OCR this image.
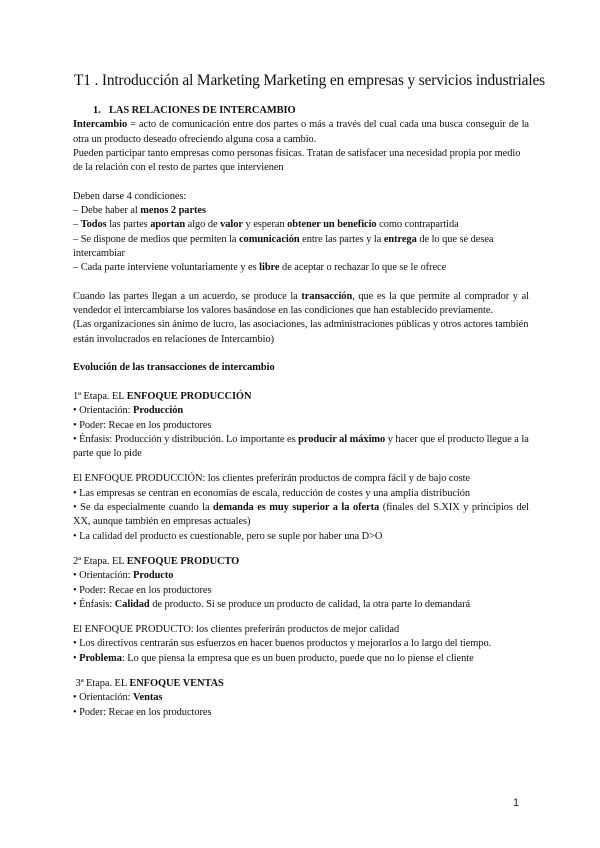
T1 . Introducción al Marketing Marketing en empresas y servicios industriales

1. LAS RELACIONES DE INTERCAMBIO

Intercambio = acto de comunicación entre dos partes o más a través del cual cada una busca conseguir de la otra un producto deseado ofreciendo alguna cosa a cambio.

Pueden participar tanto empresas como personas físicas. Tratan de satisfacer una necesidad propia por medio de la relación con el resto de partes que intervienen

Deben darse 4 condiciones:

– Debe haber al menos 2 partes

– Todos las partes aportan algo de valor y esperan obtener un beneficio como contrapartida

– Se dispone de medios que permiten la comunicación entre las partes y la entrega de lo que se desea intercambiar

– Cada parte interviene voluntariamente y es libre de aceptar o rechazar lo que se le ofrece

Cuando las partes llegan a un acuerdo, se produce la transacción, que es la que permite al comprador y al vendedor el intercambiarse los valores basándose en las condiciones que han establecido previamente.

(Las organizaciones sin ánimo de lucro, las asociaciones, las administraciones públicas y otros actores también están involucrados en relaciones de Intercambio)

Evolución de las transacciones de intercambio

1ª Etapa. EL ENFOQUE PRODUCCIÓN

• Orientación: Producción

• Poder: Recae en los productores

• Énfasis: Producción y distribución. Lo importante es producir al máximo y hacer que el producto llegue a la parte que lo pide

El ENFOQUE PRODUCCIÓN: los clientes preferirán productos de compra fácil y de bajo coste

• Las empresas se centran en economías de escala, reducción de costes y una amplia distribución

• Se da especialmente cuando la demanda es muy superior a la oferta (finales del S.XIX y principios del XX, aunque también en empresas actuales)

• La calidad del producto es cuestionable, pero se suple por haber una D>O

2ª Etapa. EL ENFOQUE PRODUCTO

• Orientación: Producto

• Poder: Recae en los productores

• Énfasis: Calidad de producto. Si se produce un producto de calidad, la otra parte lo demandará

El ENFOQUE PRODUCTO: los clientes preferirán productos de mejor calidad

• Los directivos centrarán sus esfuerzos en hacer buenos productos y mejorarlos a lo largo del tiempo.

• Problema: Lo que piensa la empresa que es un buen producto, puede que no lo piense el cliente

3ª Etapa. EL ENFOQUE VENTAS

• Orientación: Ventas

• Poder: Recae en los productores

1
